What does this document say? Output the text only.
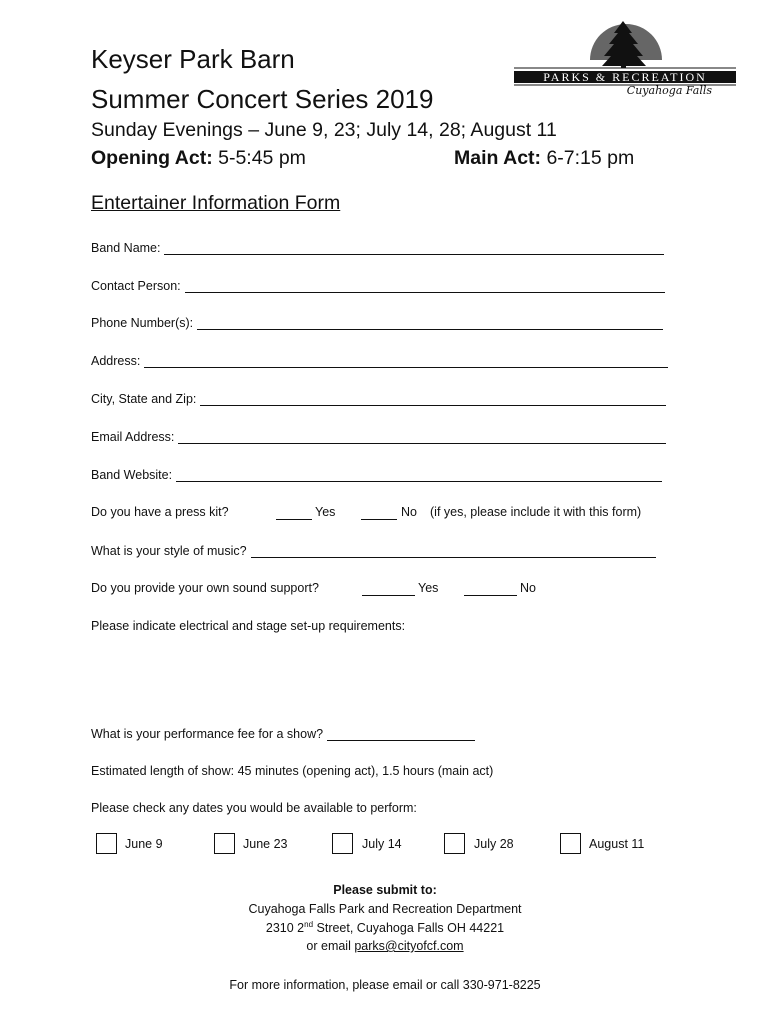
Keyser Park Barn
Summer Concert Series 2019
Sunday Evenings – June 9, 23; July 14, 28; August 11
Opening Act: 5-5:45 pm	Main Act: 6-7:15 pm
PARKS & RECREATION
Cuyahoga Falls
Entertainer Information Form
Band Name:
Contact Person:
Phone Number(s):
Address:
City, State and Zip:
Email Address:
Band Website:
Do you have a press kit?	Yes	No (if yes, please include it with this form)
What is your style of music?
Do you provide your own sound support?	Yes	No
Please indicate electrical and stage set-up requirements:
What is your performance fee for a show?
Estimated length of show: 45 minutes (opening act), 1.5 hours (main act)
Please check any dates you would be available to perform:
June 9	June 23	July 14	July 28	August 11
Please submit to:
Cuyahoga Falls Park and Recreation Department
2310 2nd Street, Cuyahoga Falls OH 44221
or email parks@cityofcf.com
For more information, please email or call 330-971-8225
